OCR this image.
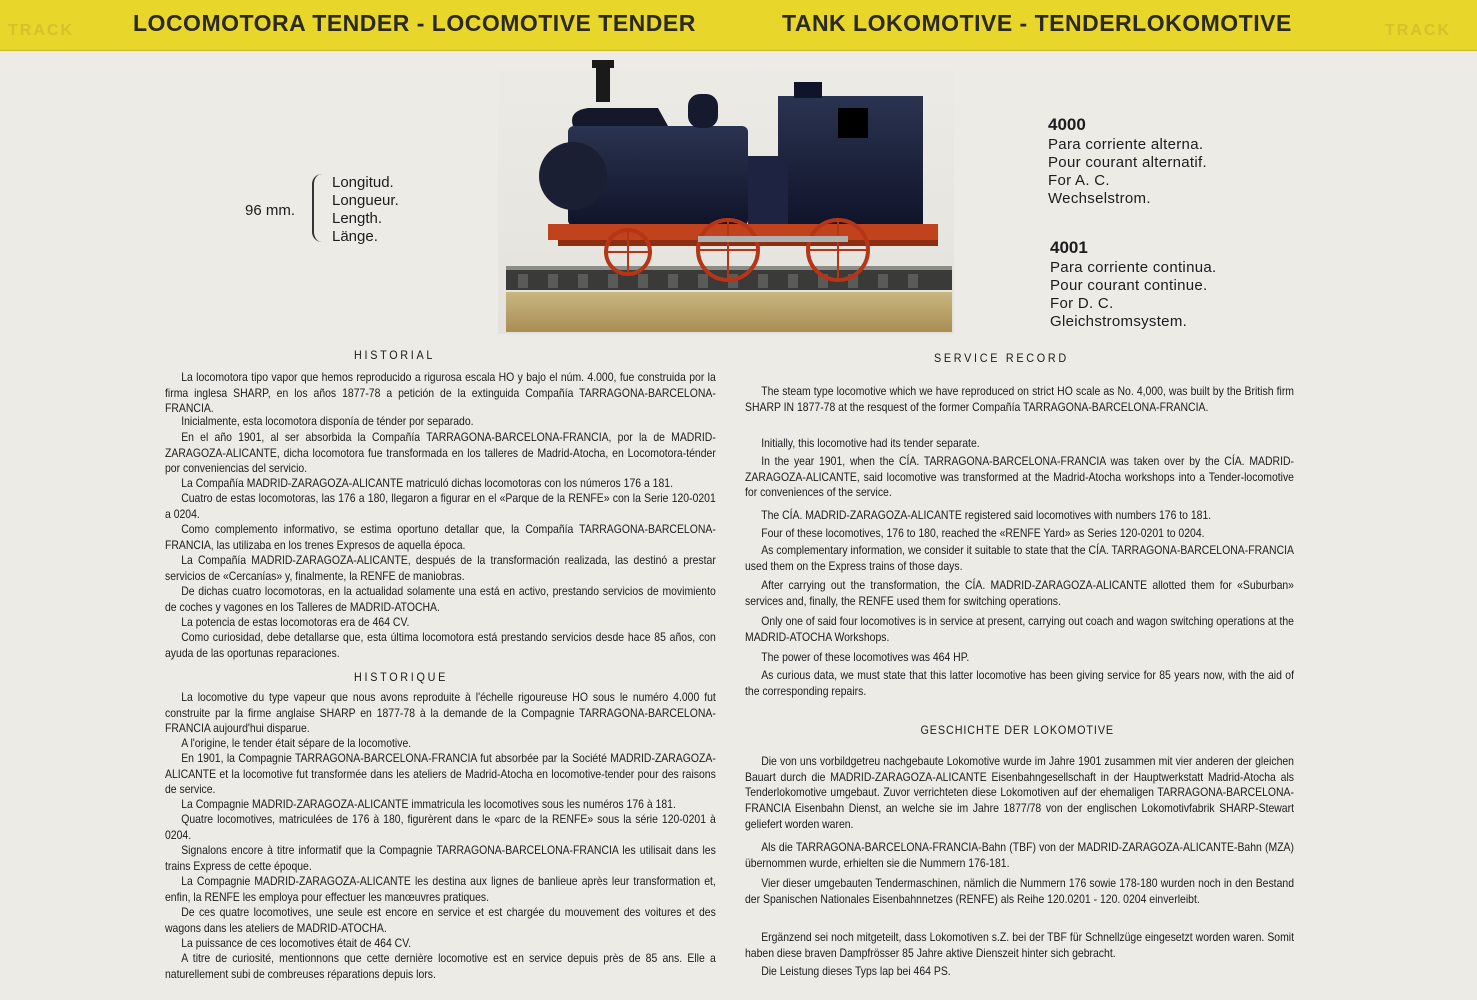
TRACK	LOCOMOTORA TENDER - LOCOMOTIVE TENDER	TANK LOKOMOTIVE - TENDERLOKOMOTIVE	TRACK
96 mm.
Longitud.
Longueur.
Length.
Länge.
4000
Para corriente alterna.
Pour courant alternatif.
For A. C.
Wechselstrom.
4001
Para corriente continua.
Pour courant continue.
For D. C.
Gleichstromsystem.
HISTORIAL

La locomotora tipo vapor que hemos reproducido a rigurosa escala HO y bajo el núm. 4.000, fue construida por la firma inglesa SHARP, en los años 1877-78 a petición de la extinguida Compañía TARRAGONA-BARCELONA-FRANCIA.

Inicialmente, esta locomotora disponía de ténder por separado.

En el año 1901, al ser absorbida la Compañía TARRAGONA-BARCELONA-FRANCIA, por la de MADRID-ZARAGOZA-ALICANTE, dicha locomotora fue transformada en los talleres de Madrid-Atocha, en Locomotora-ténder por conveniencias del servicio.

La Compañía MADRID-ZARAGOZA-ALICANTE matriculó dichas locomotoras con los números 176 a 181.

Cuatro de estas locomotoras, las 176 a 180, llegaron a figurar en el «Parque de la RENFE» con la Serie 120-0201 a 0204.

Como complemento informativo, se estima oportuno detallar que, la Compañía TARRAGONA-BARCELONA-FRANCIA, las utilizaba en los trenes Expresos de aquella época.

La Compañía MADRID-ZARAGOZA-ALICANTE, después de la transformación realizada, las destinó a prestar servicios de «Cercanías» y, finalmente, la RENFE de maniobras.

De dichas cuatro locomotoras, en la actualidad solamente una está en activo, prestando servicios de movimiento de coches y vagones en los Talleres de MADRID-ATOCHA.

La potencia de estas locomotoras era de 464 CV.

Como curiosidad, debe detallarse que, esta última locomotora está prestando servicios desde hace 85 años, con ayuda de las oportunas reparaciones.

HISTORIQUE

La locomotive du type vapeur que nous avons reproduite à l'échelle rigoureuse HO sous le numéro 4.000 fut construite par la firme anglaise SHARP en 1877-78 à la demande de la Compagnie TARRAGONA-BARCELONA-FRANCIA aujourd'hui disparue.

A l'origine, le tender était sépare de la locomotive.

En 1901, la Compagnie TARRAGONA-BARCELONA-FRANCIA fut absorbée par la Société MADRID-ZARAGOZA-ALICANTE et la locomotive fut transformée dans les ateliers de Madrid-Atocha en locomotive-tender pour des raisons de service.

La Compagnie MADRID-ZARAGOZA-ALICANTE immatricula les locomotives sous les numéros 176 à 181.

Quatre locomotives, matriculées de 176 à 180, figurèrent dans le «parc de la RENFE» sous la série 120-0201 à 0204.

Signalons encore à titre informatif que la Compagnie TARRAGONA-BARCELONA-FRANCIA les utilisait dans les trains Express de cette époque.

La Compagnie MADRID-ZARAGOZA-ALICANTE les destina aux lignes de banlieue après leur transformation et, enfin, la RENFE les employa pour effectuer les manœuvres pratiques.

De ces quatre locomotives, une seule est encore en service et est chargée du mouvement des voitures et des wagons dans les ateliers de MADRID-ATOCHA.

La puissance de ces locomotives était de 464 CV.

A titre de curiosité, mentionnons que cette dernière locomotive est en service depuis près de 85 ans. Elle a naturellement subi de combreuses réparations depuis lors.

SERVICE RECORD

The steam type locomotive which we have reproduced on strict HO scale as No. 4,000, was built by the British firm SHARP IN 1877-78 at the resquest of the former Compañía TARRAGONA-BARCELONA-FRANCIA.

Initially, this locomotive had its tender separate.

In the year 1901, when the CÍA. TARRAGONA-BARCELONA-FRANCIA was taken over by the CÍA. MADRID-ZARAGOZA-ALICANTE, said locomotive was transformed at the Madrid-Atocha workshops into a Tender-locomotive for conveniences of the service.

The CÍA. MADRID-ZARAGOZA-ALICANTE registered said locomotives with numbers 176 to 181.

Four of these locomotives, 176 to 180, reached the «RENFE Yard» as Series 120-0201 to 0204.

As complementary information, we consider it suitable to state that the CÍA. TARRAGONA-BARCELONA-FRANCIA used them on the Express trains of those days.

After carrying out the transformation, the CÍA. MADRID-ZARAGOZA-ALICANTE allotted them for «Suburban» services and, finally, the RENFE used them for switching operations.

Only one of said four locomotives is in service at present, carrying out coach and wagon switching operations at the MADRID-ATOCHA Workshops.

The power of these locomotives was 464 HP.

As curious data, we must state that this latter locomotive has been giving service for 85 years now, with the aid of the corresponding repairs.

GESCHICHTE DER LOKOMOTIVE

Die von uns vorbildgetreu nachgebaute Lokomotive wurde im Jahre 1901 zusammen mit vier anderen der gleichen Bauart durch die MADRID-ZARAGOZA-ALICANTE Eisenbahngesellschaft in der Hauptwerkstatt Madrid-Atocha als Tenderlokomotive umgebaut. Zuvor verrichteten diese Lokomotiven auf der ehemaligen TARRAGONA-BARCELONA-FRANCIA Eisenbahn Dienst, an welche sie im Jahre 1877/78 von der englischen Lokomotivfabrik SHARP-Stewart geliefert worden waren.

Als die TARRAGONA-BARCELONA-FRANCIA-Bahn (TBF) von der MADRID-ZARAGOZA-ALICANTE-Bahn (MZA) übernommen wurde, erhielten sie die Nummern 176-181.

Vier dieser umgebauten Tendermaschinen, nämlich die Nummern 176 sowie 178-180 wurden noch in den Bestand der Spanischen Nationales Eisenbahnnetzes (RENFE) als Reihe 120.0201 - 120. 0204 einverleibt.

Ergänzend sei noch mitgeteilt, dass Lokomotiven s.Z. bei der TBF für Schnellzüge eingesetzt worden waren. Somit haben diese braven Dampfrösser 85 Jahre aktive Dienszeit hinter sich gebracht.

Die Leistung dieses Typs lap bei 464 PS.
